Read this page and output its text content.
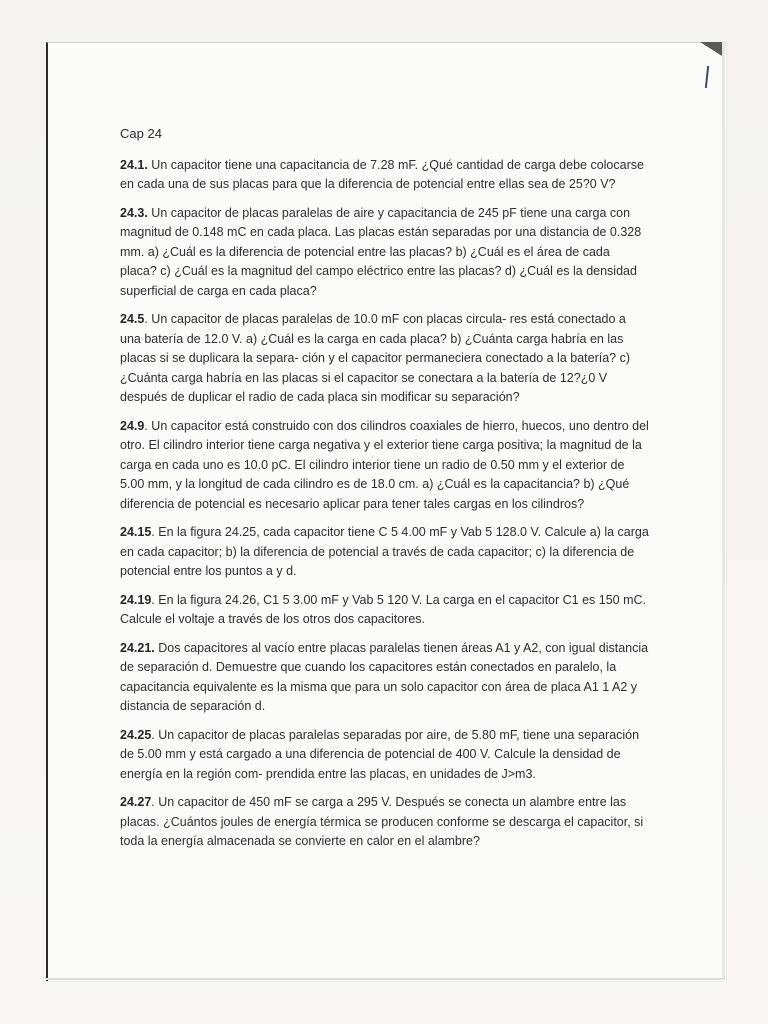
Cap 24

24.1. Un capacitor tiene una capacitancia de 7.28 mF. ¿Qué cantidad de carga debe colocarse en cada una de sus placas para que la diferencia de potencial entre ellas sea de 25?0 V?

24.3. Un capacitor de placas paralelas de aire y capacitancia de 245 pF tiene una carga con magnitud de 0.148 mC en cada placa. Las placas están separadas por una distancia de 0.328 mm. a) ¿Cuál es la diferencia de potencial entre las placas? b) ¿Cuál es el área de cada placa? c) ¿Cuál es la magnitud del campo eléctrico entre las placas? d) ¿Cuál es la densidad superficial de carga en cada placa?

24.5. Un capacitor de placas paralelas de 10.0 mF con placas circula- res está conectado a una batería de 12.0 V. a) ¿Cuál es la carga en cada placa? b) ¿Cuánta carga habría en las placas si se duplicara la separa- ción y el capacitor permaneciera conectado a la batería? c) ¿Cuánta carga habría en las placas si el capacitor se conectara a la batería de 12?¿0 V después de duplicar el radio de cada placa sin modificar su separación?

24.9. Un capacitor está construido con dos cilindros coaxiales de hierro, huecos, uno dentro del otro. El cilindro interior tiene carga negativa y el exterior tiene carga positiva; la magnitud de la carga en cada uno es 10.0 pC. El cilindro interior tiene un radio de 0.50 mm y el exterior de 5.00 mm, y la longitud de cada cilindro es de 18.0 cm. a) ¿Cuál es la capacitancia? b) ¿Qué diferencia de potencial es necesario aplicar para tener tales cargas en los cilindros?

24.15. En la figura 24.25, cada capacitor tiene C 5 4.00 mF y Vab 5 128.0 V. Calcule a) la carga en cada capacitor; b) la diferencia de potencial a través de cada capacitor; c) la diferencia de potencial entre los puntos a y d.

24.19. En la figura 24.26, C1 5 3.00 mF y Vab 5 120 V. La carga en el capacitor C1 es 150 mC. Calcule el voltaje a través de los otros dos capacitores.

24.21. Dos capacitores al vacío entre placas paralelas tienen áreas A1 y A2, con igual distancia de separación d. Demuestre que cuando los capacitores están conectados en paralelo, la capacitancia equivalente es la misma que para un solo capacitor con área de placa A1 1 A2 y distancia de separación d.

24.25. Un capacitor de placas paralelas separadas por aire, de 5.80 mF, tiene una separación de 5.00 mm y está cargado a una diferencia de potencial de 400 V. Calcule la densidad de energía en la región com- prendida entre las placas, en unidades de J>m3.

24.27. Un capacitor de 450 mF se carga a 295 V. Después se conecta un alambre entre las placas. ¿Cuántos joules de energía térmica se producen conforme se descarga el capacitor, si toda la energía almacenada se convierte en calor en el alambre?
